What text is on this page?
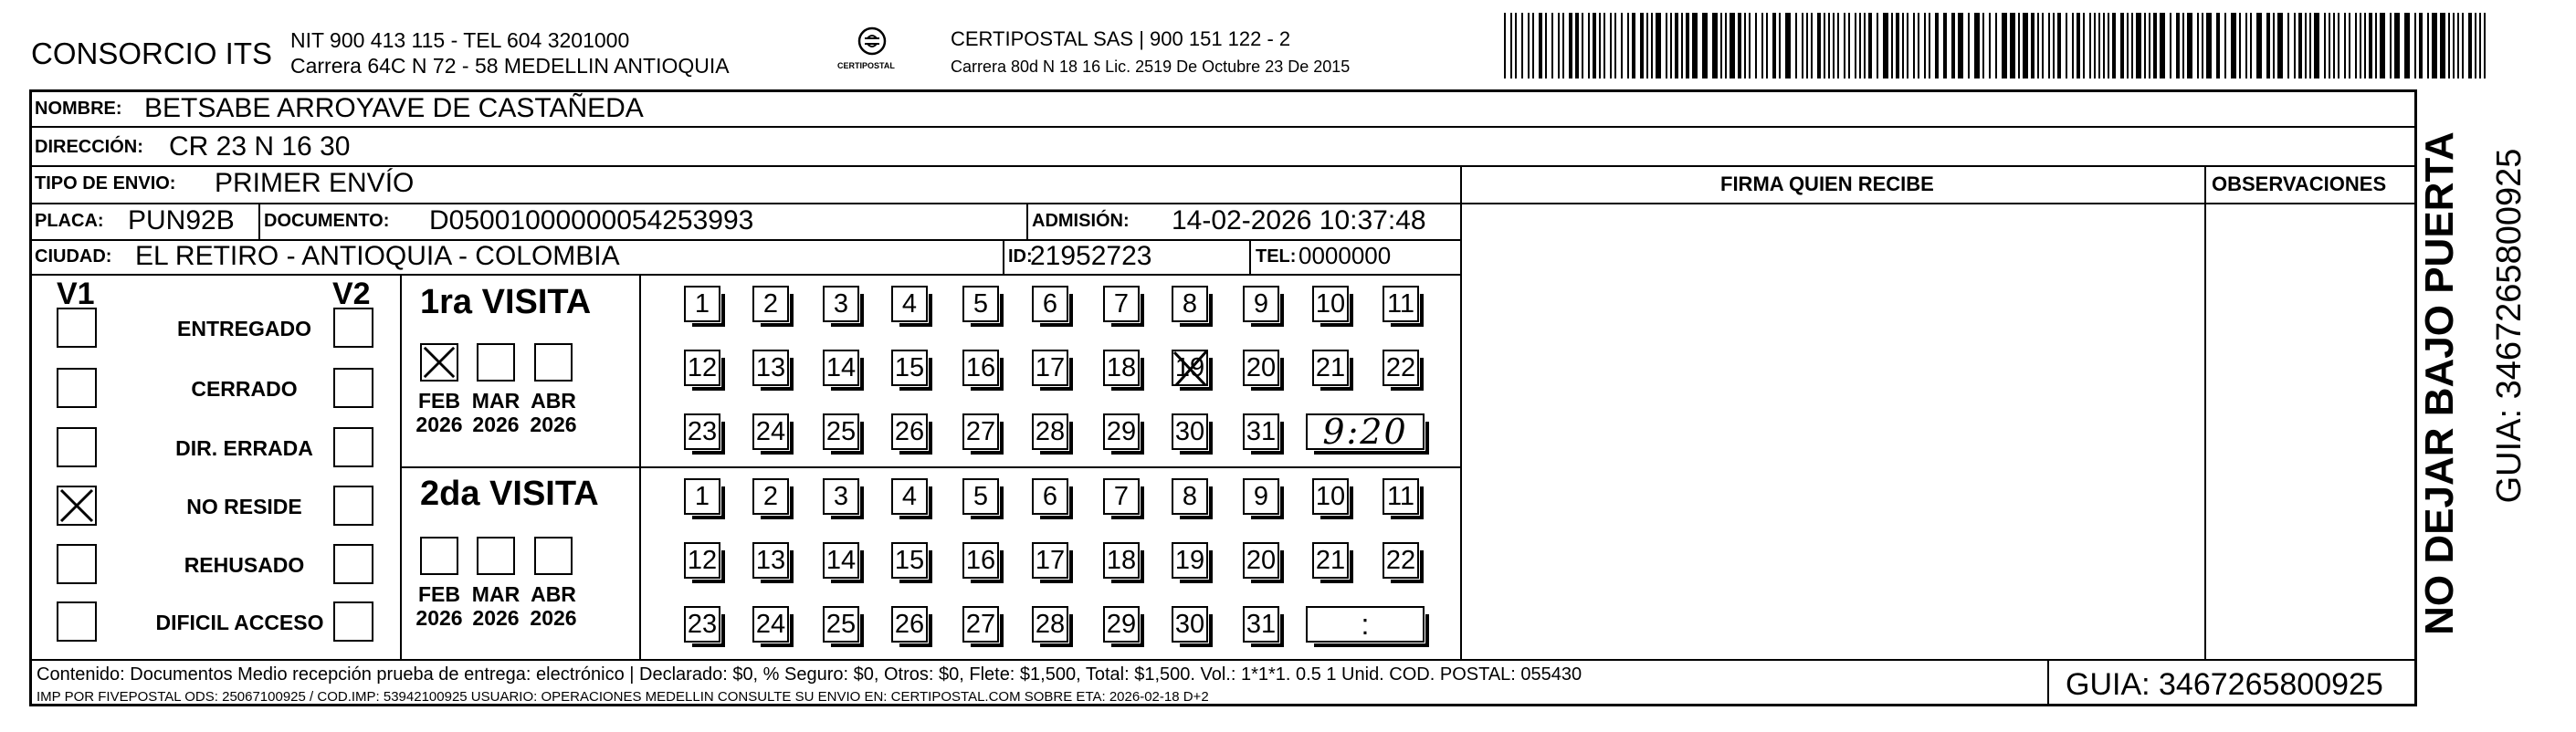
CONSORCIO ITS NIT 900 413 115 - TEL 604 3201000
Carrera 64C N 72 - 58 MEDELLIN ANTIOQUIA	CERTIPOSTAL
CERTIPOSTAL SAS | 900 151 122 - 2
Carrera 80d N 18 16 Lic. 2519 De Octubre 23 De 2015
NOMBRE: BETSABE ARROYAVE DE CASTAÑEDA
DIRECCIÓN: CR 23 N 16 30
TIPO DE ENVIO: PRIMER ENVÍO	FIRMA QUIEN RECIBE	OBSERVACIONES
PLACA: PUN92B DOCUMENTO: D05001000000054253993	ADMISIÓN: 14-02-2026 10:37:48
CIUDAD: EL RETIRO - ANTIOQUIA - COLOMBIA	ID:
21952723	TEL: 0000000
V1	V2 1ra VISITA
2da VISITA	NO DEJAR BAJO PUERTA GUIA: 3467265800925
Contenido: Documentos Medio recepción prueba de entrega: electrónico | Declarado: $0, % Seguro: $0, Otros: $0, Flete: $1,500, Total: $1,500. Vol.: 1*1*1. 0.5 1 Unid. COD. POSTAL: 055430
IMP POR FIVEPOSTAL ODS: 25067100925 / COD.IMP: 53942100925 USUARIO: OPERACIONES MEDELLIN CONSULTE SU ENVIO EN: CERTIPOSTAL.COM SOBRE ETA: 2026-02-18 D+2	GUIA: 3467265800925
ENTREGADO
CERRADO
DIR. ERRADA
NO RESIDE
REHUSADO
DIFICIL ACCESO
FEB
2026
MAR
2026
ABR
2026
FEB
2026
MAR
2026
ABR
2026
1	2	3	4	5	6	7	8	9	10 11
12 13 14 15 16 17 18 19 20 21 22
23 24 25 26 27 28 29 30 31	9:20
1	2	3	4	5	6	7	8	9	10 11
12 13 14 15 16 17 18 19 20 21 22
23 24 25 26 27 28 29 30 31	:
